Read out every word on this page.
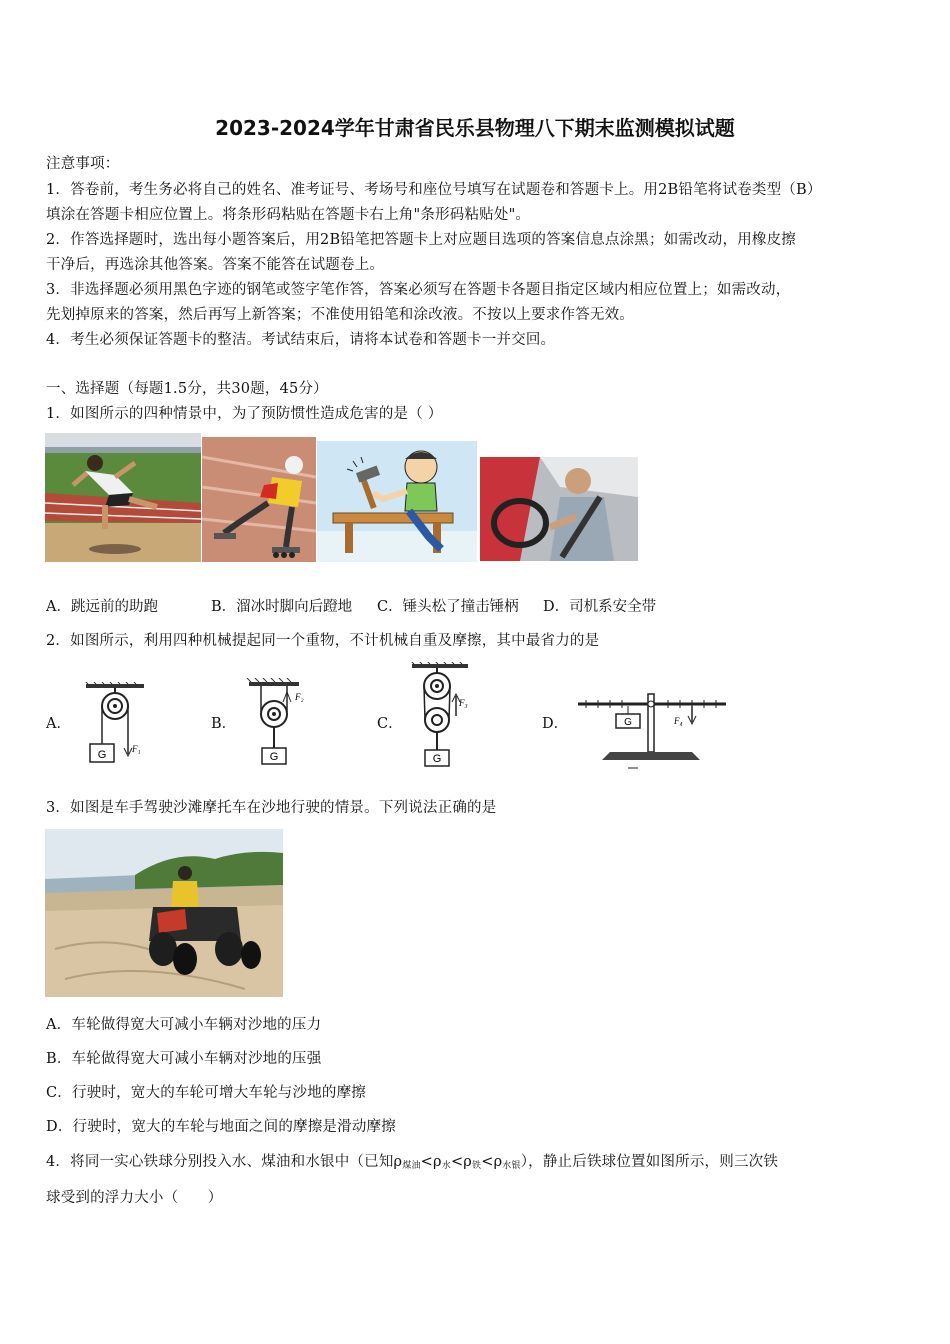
2023-2024学年甘肃省民乐县物理八下期末监测模拟试题
注意事项：
1．答卷前，考生务必将自己的姓名、准考证号、考场号和座位号填写在试题卷和答题卡上。用2B铅笔将试卷类型（B）
填涂在答题卡相应位置上。将条形码粘贴在答题卡右上角"条形码粘贴处"。
2．作答选择题时，选出每小题答案后，用2B铅笔把答题卡上对应题目选项的答案信息点涂黑；如需改动，用橡皮擦
干净后，再选涂其他答案。答案不能答在试题卷上。
3．非选择题必须用黑色字迹的钢笔或签字笔作答，答案必须写在答题卡各题目指定区域内相应位置上；如需改动，
先划掉原来的答案，然后再写上新答案；不准使用铅笔和涂改液。不按以上要求作答无效。
4．考生必须保证答题卡的整洁。考试结束后，请将本试卷和答题卡一并交回。
一、选择题（每题1.5分，共30题，45分）
1．如图所示的四种情景中，为了预防惯性造成危害的是（ ）
A．跳远前的助跑	B．溜冰时脚向后蹬地 C．锤头松了撞击锤柄 D．司机系安全带
2．如图所示，利用四种机械提起同一个重物，不计机械自重及摩擦，其中最省力的是
A．	B．	C．	D．
G	F₁
G
F₂
G
F₃
G	F₄
3．如图是车手驾驶沙滩摩托车在沙地行驶的情景。下列说法正确的是
A．车轮做得宽大可减小车辆对沙地的压力
B．车轮做得宽大可减小车辆对沙地的压强
C．行驶时，宽大的车轮可增大车轮与沙地的摩擦
D．行驶时，宽大的车轮与地面之间的摩擦是滑动摩擦
4．将同一实心铁球分别投入水、煤油和水银中（已知$\rho_{煤油}<\rho_水<\rho_铁<\rho_{水银}$），静止后铁球位置如图所示，则三次铁
球受到的浮力大小（　　）
